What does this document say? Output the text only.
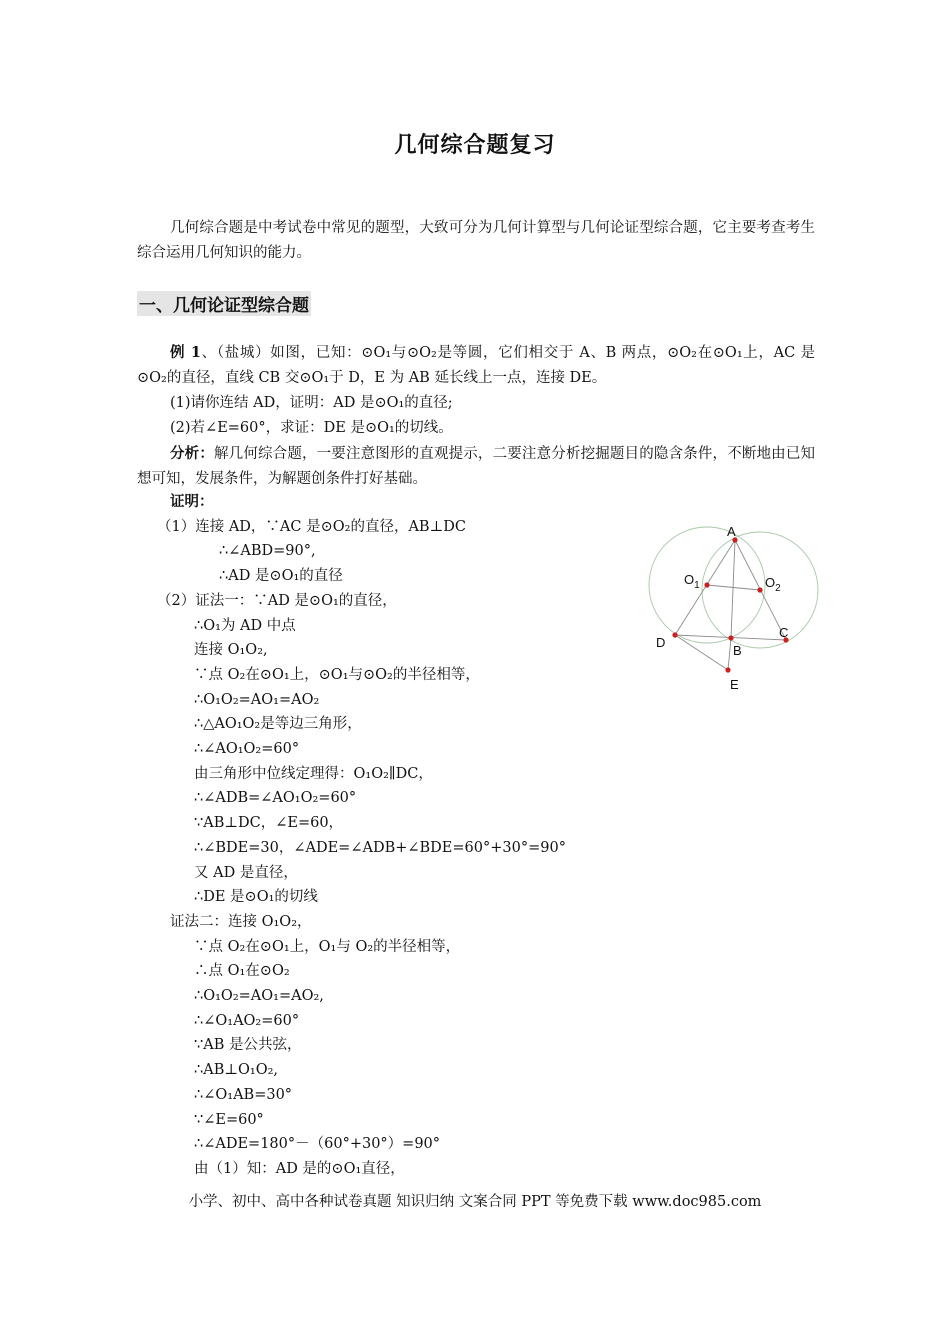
几何综合题复习
几何综合题是中考试卷中常见的题型，大致可分为几何计算型与几何论证型综合题，它主要考查考生综合运用几何知识的能力。
一、几何论证型综合题

例 1、（盐城）如图，已知：⊙O₁与⊙O₂是等圆，它们相交于 A、B 两点，⊙O₂在⊙O₁上，AC 是⊙O₂的直径，直线 CB 交⊙O₁于 D，E 为 AB 延长线上一点，连接 DE。

(1)请你连结 AD，证明：AD 是⊙O₁的直径;

(2)若∠E=60°，求证：DE 是⊙O₁的切线。

分析：解几何综合题，一要注意图形的直观提示，二要注意分析挖掘题目的隐含条件，不断地由已知想可知，发展条件，为解题创条件打好基础。

证明：
（1）连接 AD，∵AC 是⊙O₂的直径，AB⊥DC
∴∠ABD=90°,
∴AD 是⊙O₁的直径
（2）证法一：∵AD 是⊙O₁的直径，
∴O₁为 AD 中点
连接 O₁O₂,
∵点 O₂在⊙O₁上，⊙O₁与⊙O₂的半径相等，
∴O₁O₂=AO₁=AO₂
∴△AO₁O₂是等边三角形，
∴∠AO₁O₂=60°
由三角形中位线定理得：O₁O₂∥DC，
∴∠ADB=∠AO₁O₂=60°
∵AB⊥DC，∠E=60，
∴∠BDE=30，∠ADE=∠ADB+∠BDE=60°+30°=90°
又 AD 是直径，
∴DE 是⊙O₁的切线
证法二：连接 O₁O₂，
∵点 O₂在⊙O₁上，O₁与 O₂的半径相等，
∴点 O₁在⊙O₂
∴O₁O₂=AO₁=AO₂,
∴∠O₁AO₂=60°
∵AB 是公共弦，
∴AB⊥O₁O₂,
∴∠O₁AB=30°
∵∠E=60°
∴∠ADE=180°－（60°+30°）=90°
由（1）知：AD 是的⊙O₁直径，
A
$O_1$	$O_2$
C
D
B
E
小学、初中、高中各种试卷真题 知识归纳 文案合同 PPT 等免费下载 www.doc985.com
